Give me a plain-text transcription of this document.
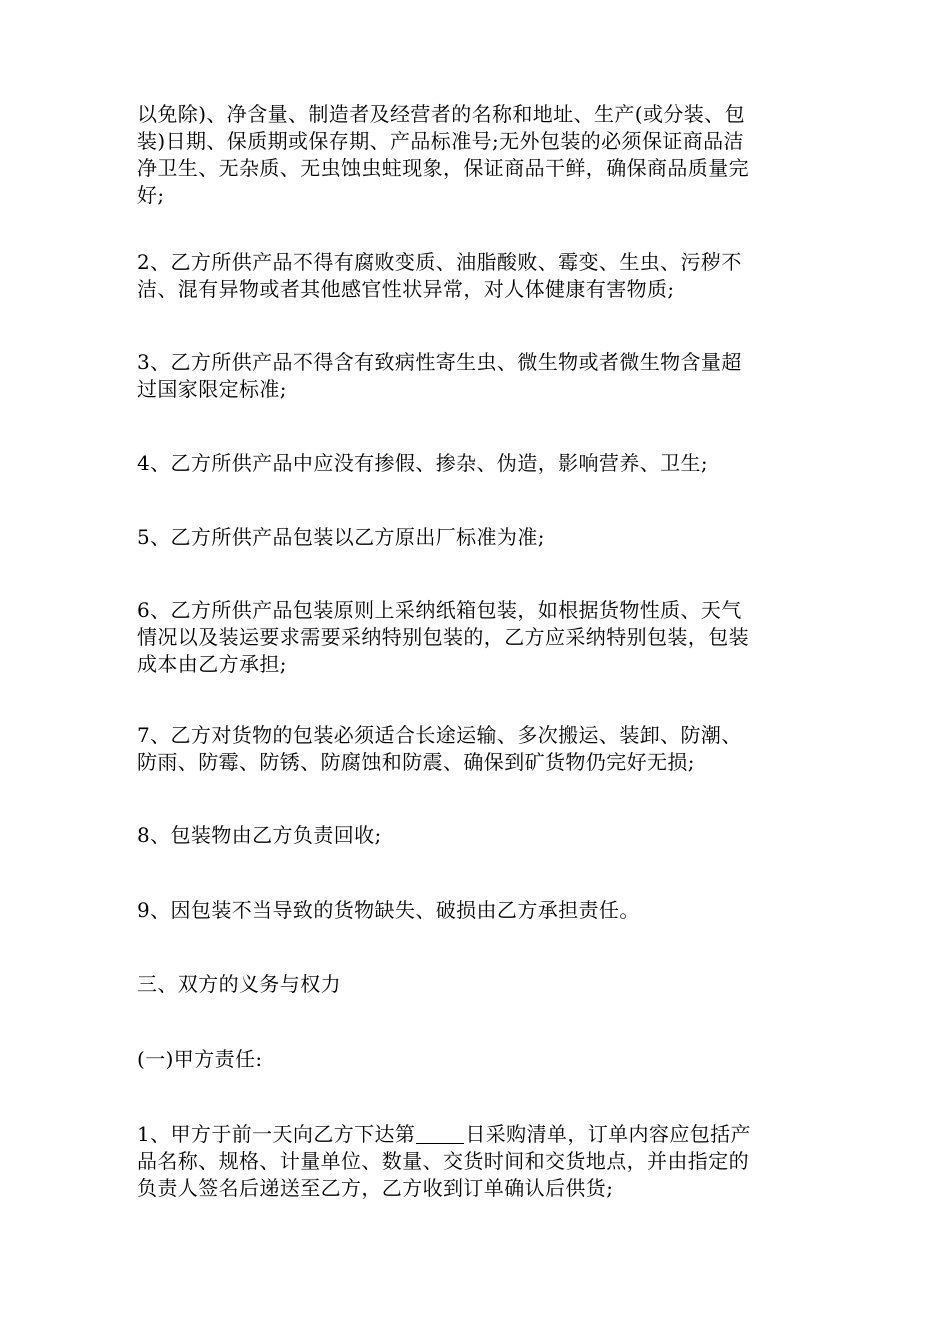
以免除)、净含量、制造者及经营者的名称和地址、生产(或分装、包
装)日期、保质期或保存期、产品标准号;无外包装的必须保证商品洁
净卫生、无杂质、无虫蚀虫蛀现象，保证商品干鲜，确保商品质量完
好;
2、乙方所供产品不得有腐败变质、油脂酸败、霉变、生虫、污秽不
洁、混有异物或者其他感官性状异常，对人体健康有害物质;
3、乙方所供产品不得含有致病性寄生虫、微生物或者微生物含量超
过国家限定标准;
4、乙方所供产品中应没有掺假、掺杂、伪造，影响营养、卫生;
5、乙方所供产品包装以乙方原出厂标准为准;
6、乙方所供产品包装原则上采纳纸箱包装，如根据货物性质、天气
情况以及装运要求需要采纳特别包装的，乙方应采纳特别包装，包装
成本由乙方承担;
7、乙方对货物的包装必须适合长途运输、多次搬运、装卸、防潮、
防雨、防霉、防锈、防腐蚀和防震、确保到矿货物仍完好无损;
8、包装物由乙方负责回收;
9、因包装不当导致的货物缺失、破损由乙方承担责任。
三、双方的义务与权力
(一)甲方责任:
1、甲方于前一天向乙方下达第	日采购清单，订单内容应包括产
品名称、规格、计量单位、数量、交货时间和交货地点，并由指定的
负责人签名后递送至乙方，乙方收到订单确认后供货;
